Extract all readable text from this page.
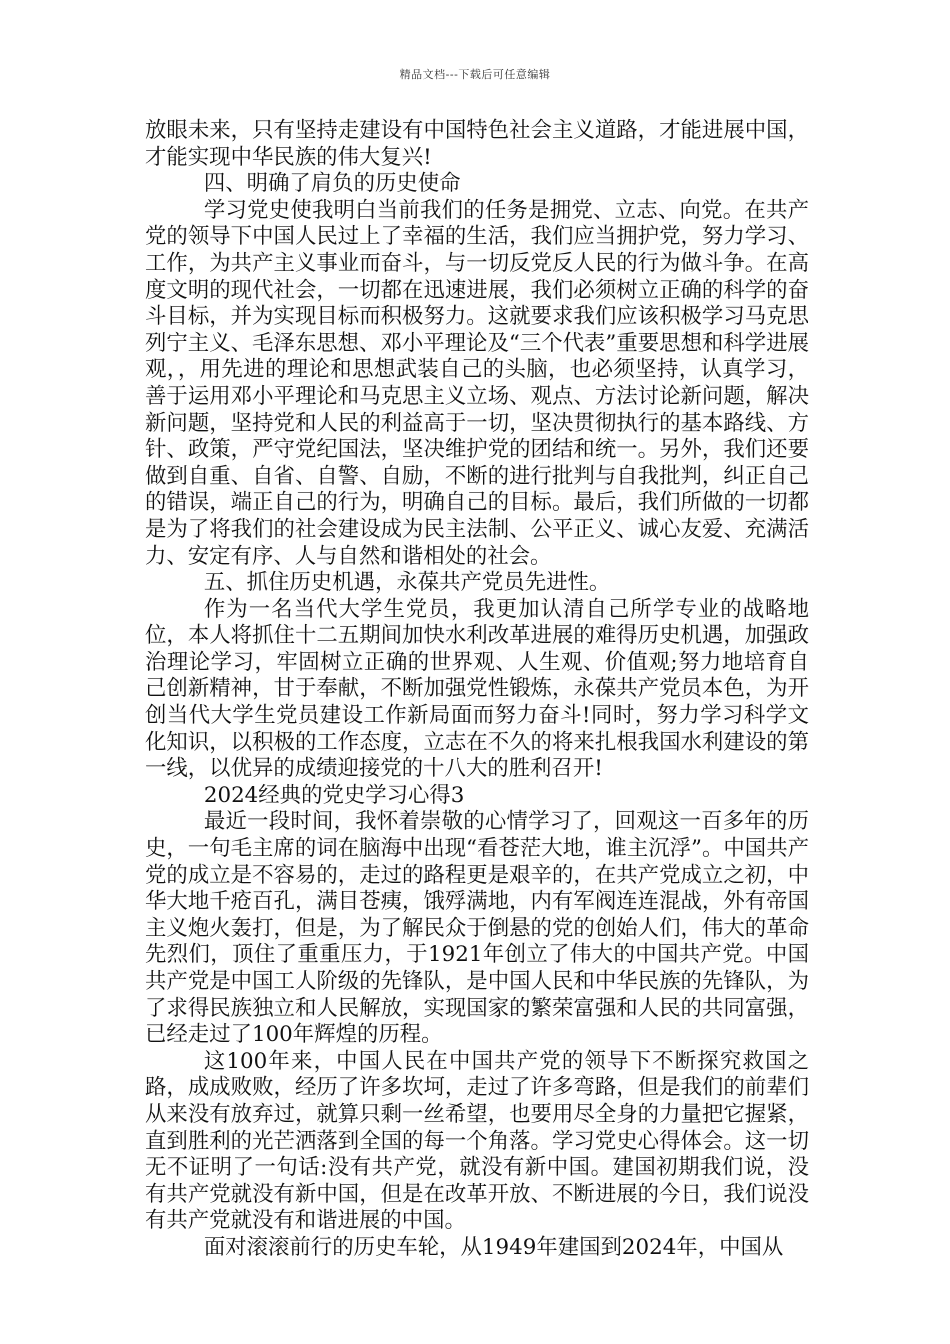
精品文档---下载后可任意编辑

放眼未来，只有坚持走建设有中国特色社会主义道路，才能进展中国，才能实现中华民族的伟大复兴!

四、明确了肩负的历史使命

学习党史使我明白当前我们的任务是拥党、立志、向党。在共产党的领导下中国人民过上了幸福的生活，我们应当拥护党，努力学习、工作，为共产主义事业而奋斗，与一切反党反人民的行为做斗争。在高度文明的现代社会，一切都在迅速进展，我们必须树立正确的科学的奋斗目标，并为实现目标而积极努力。这就要求我们应该积极学习马克思列宁主义、毛泽东思想、邓小平理论及“三个代表”重要思想和科学进展观，，用先进的理论和思想武装自己的头脑，也必须坚持，认真学习，善于运用邓小平理论和马克思主义立场、观点、方法讨论新问题，解决新问题，坚持党和人民的利益高于一切，坚决贯彻执行的基本路线、方针、政策，严守党纪国法，坚决维护党的团结和统一。另外，我们还要做到自重、自省、自警、自励，不断的进行批判与自我批判，纠正自己的错误，端正自己的行为，明确自己的目标。最后，我们所做的一切都是为了将我们的社会建设成为民主法制、公平正义、诚心友爱、充满活力、安定有序、人与自然和谐相处的社会。

五、抓住历史机遇，永葆共产党员先进性。

作为一名当代大学生党员，我更加认清自己所学专业的战略地位，本人将抓住十二五期间加快水利改革进展的难得历史机遇，加强政治理论学习，牢固树立正确的世界观、人生观、价值观;努力地培育自己创新精神，甘于奉献，不断加强党性锻炼，永葆共产党员本色，为开创当代大学生党员建设工作新局面而努力奋斗!同时，努力学习科学文化知识，以积极的工作态度，立志在不久的将来扎根我国水利建设的第一线，以优异的成绩迎接党的十八大的胜利召开!

2024经典的党史学习心得3

最近一段时间，我怀着崇敬的心情学习了，回观这一百多年的历史，一句毛主席的词在脑海中出现“看苍茫大地，谁主沉浮”。中国共产党的成立是不容易的，走过的路程更是艰辛的，在共产党成立之初，中华大地千疮百孔，满目苍痍，饿殍满地，内有军阀连连混战，外有帝国主义炮火轰打，但是，为了解民众于倒悬的党的创始人们，伟大的革命先烈们，顶住了重重压力，于1921年创立了伟大的中国共产党。中国共产党是中国工人阶级的先锋队，是中国人民和中华民族的先锋队，为了求得民族独立和人民解放，实现国家的繁荣富强和人民的共同富强，已经走过了100年辉煌的历程。

这100年来，中国人民在中国共产党的领导下不断探究救国之路，成成败败，经历了许多坎坷，走过了许多弯路，但是我们的前辈们从来没有放弃过，就算只剩一丝希望，也要用尽全身的力量把它握紧，直到胜利的光芒洒落到全国的每一个角落。学习党史心得体会。这一切无不证明了一句话:没有共产党，就没有新中国。建国初期我们说，没有共产党就没有新中国，但是在改革开放、不断进展的今日，我们说没有共产党就没有和谐进展的中国。

面对滚滚前行的历史车轮，从1949年建国到2024年，中国从
